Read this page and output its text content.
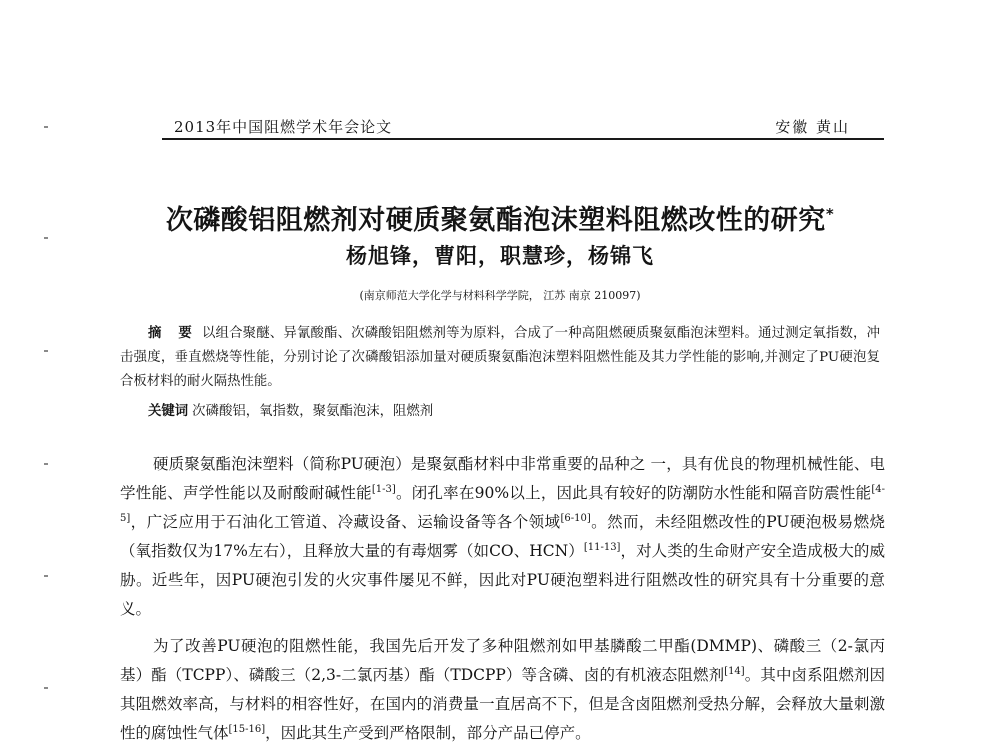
2013年中国阻燃学术年会论文	安徽 黄山
次磷酸铝阻燃剂对硬质聚氨酯泡沫塑料阻燃改性的研究*
杨旭锋，曹阳，职慧珍，杨锦飞
(南京师范大学化学与材料科学学院， 江苏 南京 210097)
摘 要 以组合聚醚、异氰酸酯、次磷酸铝阻燃剂等为原料，合成了一种高阻燃硬质聚氨酯泡沫塑料。通过测定氧指数，冲击强度，垂直燃烧等性能，分别讨论了次磷酸铝添加量对硬质聚氨酯泡沫塑料阻燃性能及其力学性能的影响,并测定了PU硬泡复合板材料的耐火隔热性能。
关键词 次磷酸铝，氧指数，聚氨酯泡沫，阻燃剂

硬质聚氨酯泡沫塑料（简称PU硬泡）是聚氨酯材料中非常重要的品种之 一，具有优良的物理机械性能、电学性能、声学性能以及耐酸耐碱性能[1-3]。闭孔率在90%以上，因此具有较好的防潮防水性能和隔音防震性能[4-5]，广泛应用于石油化工管道、冷藏设备、运输设备等各个领域[6-10]。然而，未经阻燃改性的PU硬泡极易燃烧（氧指数仅为17%左右），且释放大量的有毒烟雾（如CO、HCN）[11-13]，对人类的生命财产安全造成极大的威胁。近些年，因PU硬泡引发的火灾事件屡见不鲜，因此对PU硬泡塑料进行阻燃改性的研究具有十分重要的意义。

为了改善PU硬泡的阻燃性能，我国先后开发了多种阻燃剂如甲基膦酸二甲酯(DMMP)、磷酸三（2-氯丙基）酯（TCPP）、磷酸三（2,3-二氯丙基）酯（TDCPP）等含磷、卤的有机液态阻燃剂[14]。其中卤系阻燃剂因其阻燃效率高，与材料的相容性好，在国内的消费量一直居高不下，但是含卤阻燃剂受热分解，会释放大量刺激性的腐蚀性气体[15-16]，因此其生产受到严格限制，部分产品已停产。
